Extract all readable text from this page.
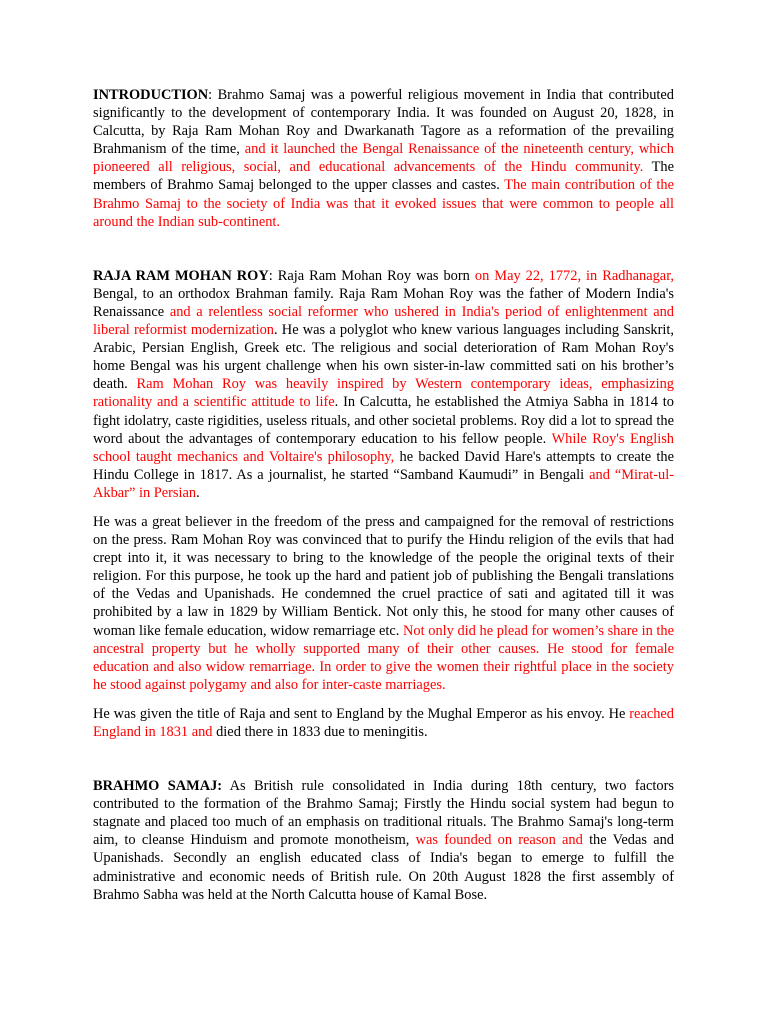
INTRODUCTION: Brahmo Samaj was a powerful religious movement in India that contributed significantly to the development of contemporary India. It was founded on August 20, 1828, in Calcutta, by Raja Ram Mohan Roy and Dwarkanath Tagore as a reformation of the prevailing Brahmanism of the time, and it launched the Bengal Renaissance of the nineteenth century, which pioneered all religious, social, and educational advancements of the Hindu community. The members of Brahmo Samaj belonged to the upper classes and castes. The main contribution of the Brahmo Samaj to the society of India was that it evoked issues that were common to people all around the Indian sub-continent.

RAJA RAM MOHAN ROY: Raja Ram Mohan Roy was born on May 22, 1772, in Radhanagar, Bengal, to an orthodox Brahman family. Raja Ram Mohan Roy was the father of Modern India's Renaissance and a relentless social reformer who ushered in India's period of enlightenment and liberal reformist modernization. He was a polyglot who knew various languages including Sanskrit, Arabic, Persian English, Greek etc. The religious and social deterioration of Ram Mohan Roy's home Bengal was his urgent challenge when his own sister-in-law committed sati on his brother’s death. Ram Mohan Roy was heavily inspired by Western contemporary ideas, emphasizing rationality and a scientific attitude to life. In Calcutta, he established the Atmiya Sabha in 1814 to fight idolatry, caste rigidities, useless rituals, and other societal problems. Roy did a lot to spread the word about the advantages of contemporary education to his fellow people. While Roy's English school taught mechanics and Voltaire's philosophy, he backed David Hare's attempts to create the Hindu College in 1817. As a journalist, he started “Samband Kaumudi” in Bengali and “Mirat-ul-Akbar” in Persian.

He was a great believer in the freedom of the press and campaigned for the removal of restrictions on the press. Ram Mohan Roy was convinced that to purify the Hindu religion of the evils that had crept into it, it was necessary to bring to the knowledge of the people the original texts of their religion. For this purpose, he took up the hard and patient job of publishing the Bengali translations of the Vedas and Upanishads. He condemned the cruel practice of sati and agitated till it was prohibited by a law in 1829 by William Bentick. Not only this, he stood for many other causes of woman like female education, widow remarriage etc. Not only did he plead for women’s share in the ancestral property but he wholly supported many of their other causes. He stood for female education and also widow remarriage. In order to give the women their rightful place in the society he stood against polygamy and also for inter-caste marriages.

He was given the title of Raja and sent to England by the Mughal Emperor as his envoy. He reached England in 1831 and died there in 1833 due to meningitis.

BRAHMO SAMAJ: As British rule consolidated in India during 18th century, two factors contributed to the formation of the Brahmo Samaj; Firstly the Hindu social system had begun to stagnate and placed too much of an emphasis on traditional rituals. The Brahmo Samaj's long-term aim, to cleanse Hinduism and promote monotheism, was founded on reason and the Vedas and Upanishads. Secondly an english educated class of India's began to emerge to fulfill the administrative and economic needs of British rule. On 20th August 1828 the first assembly of Brahmo Sabha was held at the North Calcutta house of Kamal Bose.
